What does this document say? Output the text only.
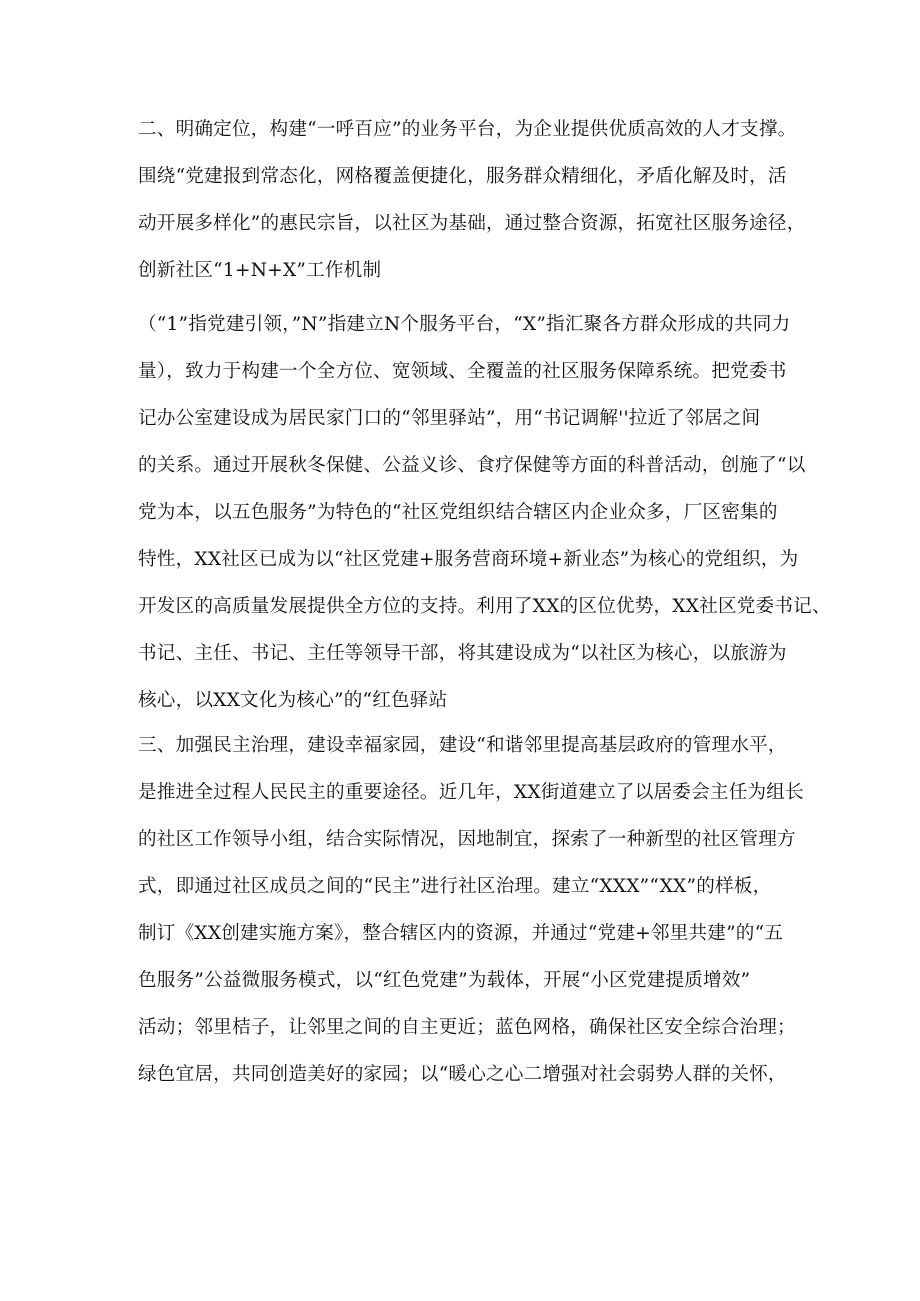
二、明确定位，构建“一呼百应”的业务平台，为企业提供优质高效的人才支撑。
围绕“党建报到常态化，网格覆盖便捷化，服务群众精细化，矛盾化解及时，活
动开展多样化”的惠民宗旨，以社区为基础，通过整合资源，拓宽社区服务途径，
创新社区“1+N+X”工作机制
（“1”指党建引领，”N”指建立N个服务平台，“X”指汇聚各方群众形成的共同力
量），致力于构建一个全方位、宽领域、全覆盖的社区服务保障系统。把党委书
记办公室建设成为居民家门口的“邻里驿站”，用“书记调解''拉近了邻居之间
的关系。通过开展秋冬保健、公益义诊、食疗保健等方面的科普活动，创施了“以
党为本，以五色服务”为特色的“社区党组织结合辖区内企业众多，厂区密集的
特性，XX社区已成为以“社区党建+服务营商环境+新业态”为核心的党组织，为
开发区的高质量发展提供全方位的支持。利用了XX的区位优势，XX社区党委书记、
书记、主任、书记、主任等领导干部，将其建设成为“以社区为核心，以旅游为
核心，以XX文化为核心”的“红色驿站
三、加强民主治理，建设幸福家园，建设“和谐邻里提高基层政府的管理水平，
是推进全过程人民民主的重要途径。近几年，XX街道建立了以居委会主任为组长
的社区工作领导小组，结合实际情况，因地制宜，探索了一种新型的社区管理方
式，即通过社区成员之间的“民主”进行社区治理。建立“XXX”“XX”的样板，
制订《XX创建实施方案》，整合辖区内的资源，并通过“党建+邻里共建”的“五
色服务”公益微服务模式，以“红色党建”为载体，开展“小区党建提质增效”
活动；邻里桔子，让邻里之间的自主更近；蓝色网格，确保社区安全综合治理；
绿色宜居，共同创造美好的家园；以“暖心之心二增强对社会弱势人群的关怀，
